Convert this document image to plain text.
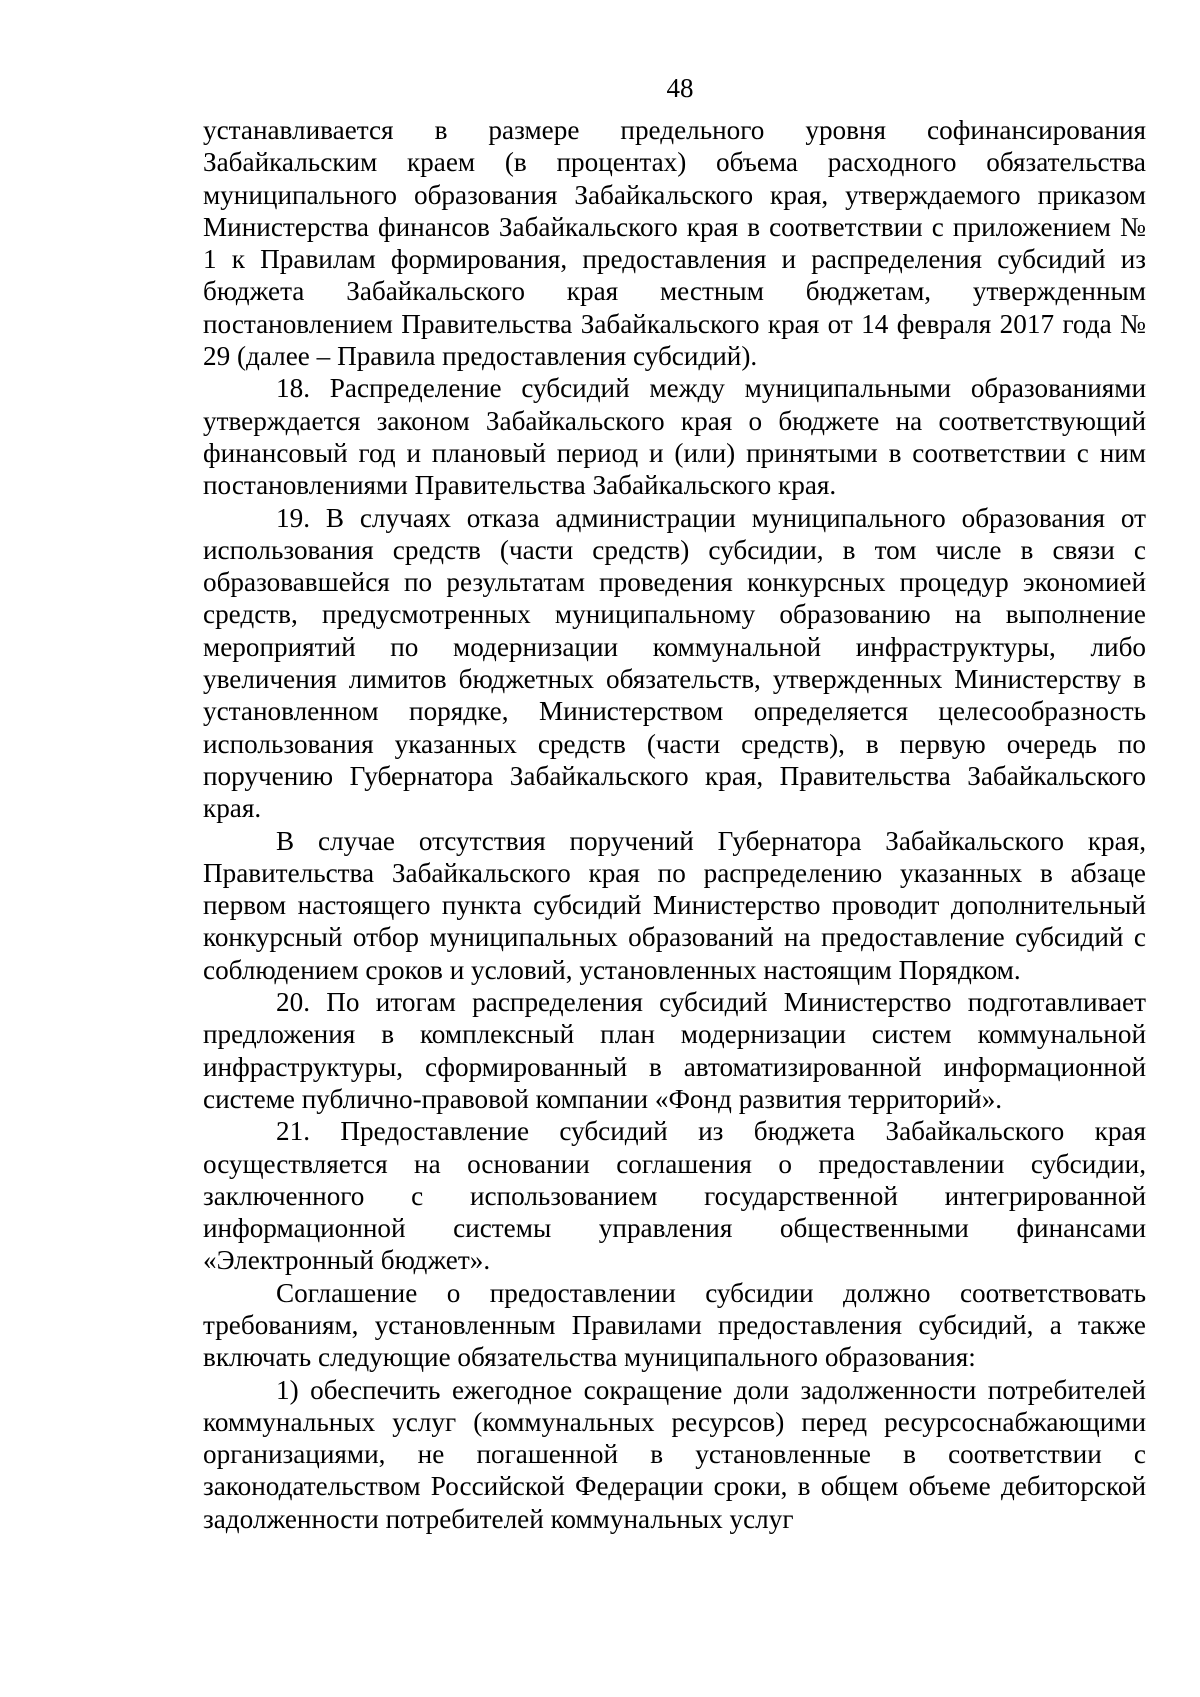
48

устанавливается в размере предельного уровня софинансирования Забайкальским краем (в процентах) объема расходного обязательства муниципального образования Забайкальского края, утверждаемого приказом Министерства финансов Забайкальского края в соответствии с приложением № 1 к Правилам формирования, предоставления и распределения субсидий из бюджета Забайкальского края местным бюджетам, утвержденным постановлением Правительства Забайкальского края от 14 февраля 2017 года № 29 (далее – Правила предоставления субсидий).

18. Распределение субсидий между муниципальными образованиями утверждается законом Забайкальского края о бюджете на соответствующий финансовый год и плановый период и (или) принятыми в соответствии с ним постановлениями Правительства Забайкальского края.

19. В случаях отказа администрации муниципального образования от использования средств (части средств) субсидии, в том числе в связи с образовавшейся по результатам проведения конкурсных процедур экономией средств, предусмотренных муниципальному образованию на выполнение мероприятий по модернизации коммунальной инфраструктуры, либо увеличения лимитов бюджетных обязательств, утвержденных Министерству в установленном порядке, Министерством определяется целесообразность использования указанных средств (части средств), в первую очередь по поручению Губернатора Забайкальского края, Правительства Забайкальского края.

В случае отсутствия поручений Губернатора Забайкальского края, Правительства Забайкальского края по распределению указанных в абзаце первом настоящего пункта субсидий Министерство проводит дополнительный конкурсный отбор муниципальных образований на предоставление субсидий с соблюдением сроков и условий, установленных настоящим Порядком.

20. По итогам распределения субсидий Министерство подготавливает предложения в комплексный план модернизации систем коммунальной инфраструктуры, сформированный в автоматизированной информационной системе публично-правовой компании «Фонд развития территорий».

21. Предоставление субсидий из бюджета Забайкальского края осуществляется на основании соглашения о предоставлении субсидии, заключенного с использованием государственной интегрированной информационной системы управления общественными финансами «Электронный бюджет».

Соглашение о предоставлении субсидии должно соответствовать требованиям, установленным Правилами предоставления субсидий, а также включать следующие обязательства муниципального образования:

1) обеспечить ежегодное сокращение доли задолженности потребителей коммунальных услуг (коммунальных ресурсов) перед ресурсоснабжающими организациями, не погашенной в установленные в соответствии с законодательством Российской Федерации сроки, в общем объеме дебиторской задолженности потребителей коммунальных услуг
